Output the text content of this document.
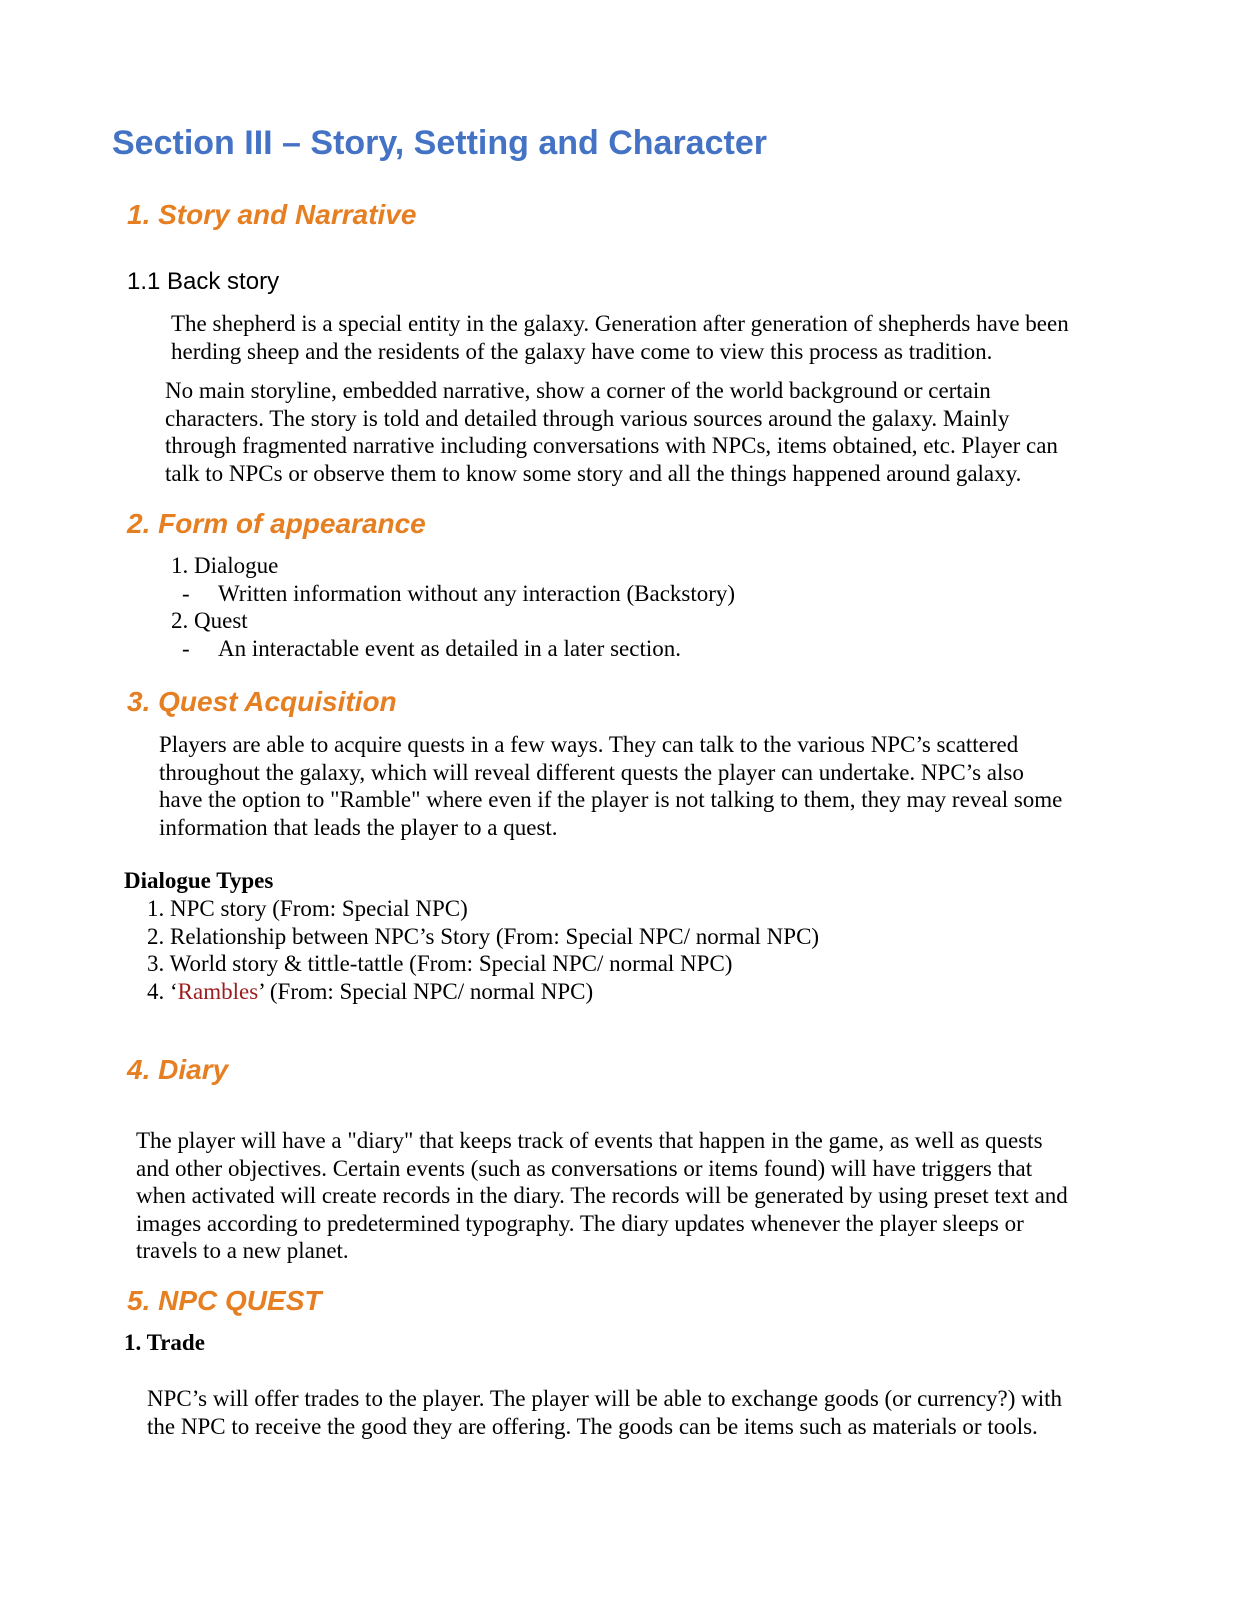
Section III – Story, Setting and Character
1. Story and Narrative
1.1 Back story
The shepherd is a special entity in the galaxy. Generation after generation of shepherds have been
herding sheep and the residents of the galaxy have come to view this process as tradition.
No main storyline, embedded narrative, show a corner of the world background or certain
characters. The story is told and detailed through various sources around the galaxy. Mainly
through fragmented narrative including conversations with NPCs, items obtained, etc. Player can
talk to NPCs or observe them to know some story and all the things happened around galaxy.
2. Form of appearance
1. Dialogue
- Written information without any interaction (Backstory)
2. Quest
- An interactable event as detailed in a later section.
3. Quest Acquisition
Players are able to acquire quests in a few ways. They can talk to the various NPC’s scattered
throughout the galaxy, which will reveal different quests the player can undertake. NPC’s also
have the option to "Ramble" where even if the player is not talking to them, they may reveal some
information that leads the player to a quest.
Dialogue Types
1. NPC story (From: Special NPC)
2. Relationship between NPC’s Story (From: Special NPC/ normal NPC)
3. World story & tittle-tattle (From: Special NPC/ normal NPC)
4. ‘Rambles’ (From: Special NPC/ normal NPC)
4. Diary
The player will have a "diary" that keeps track of events that happen in the game, as well as quests
and other objectives. Certain events (such as conversations or items found) will have triggers that
when activated will create records in the diary. The records will be generated by using preset text and
images according to predetermined typography. The diary updates whenever the player sleeps or
travels to a new planet.
5. NPC QUEST
1. Trade
NPC’s will offer trades to the player. The player will be able to exchange goods (or currency?) with
the NPC to receive the good they are offering. The goods can be items such as materials or tools.
